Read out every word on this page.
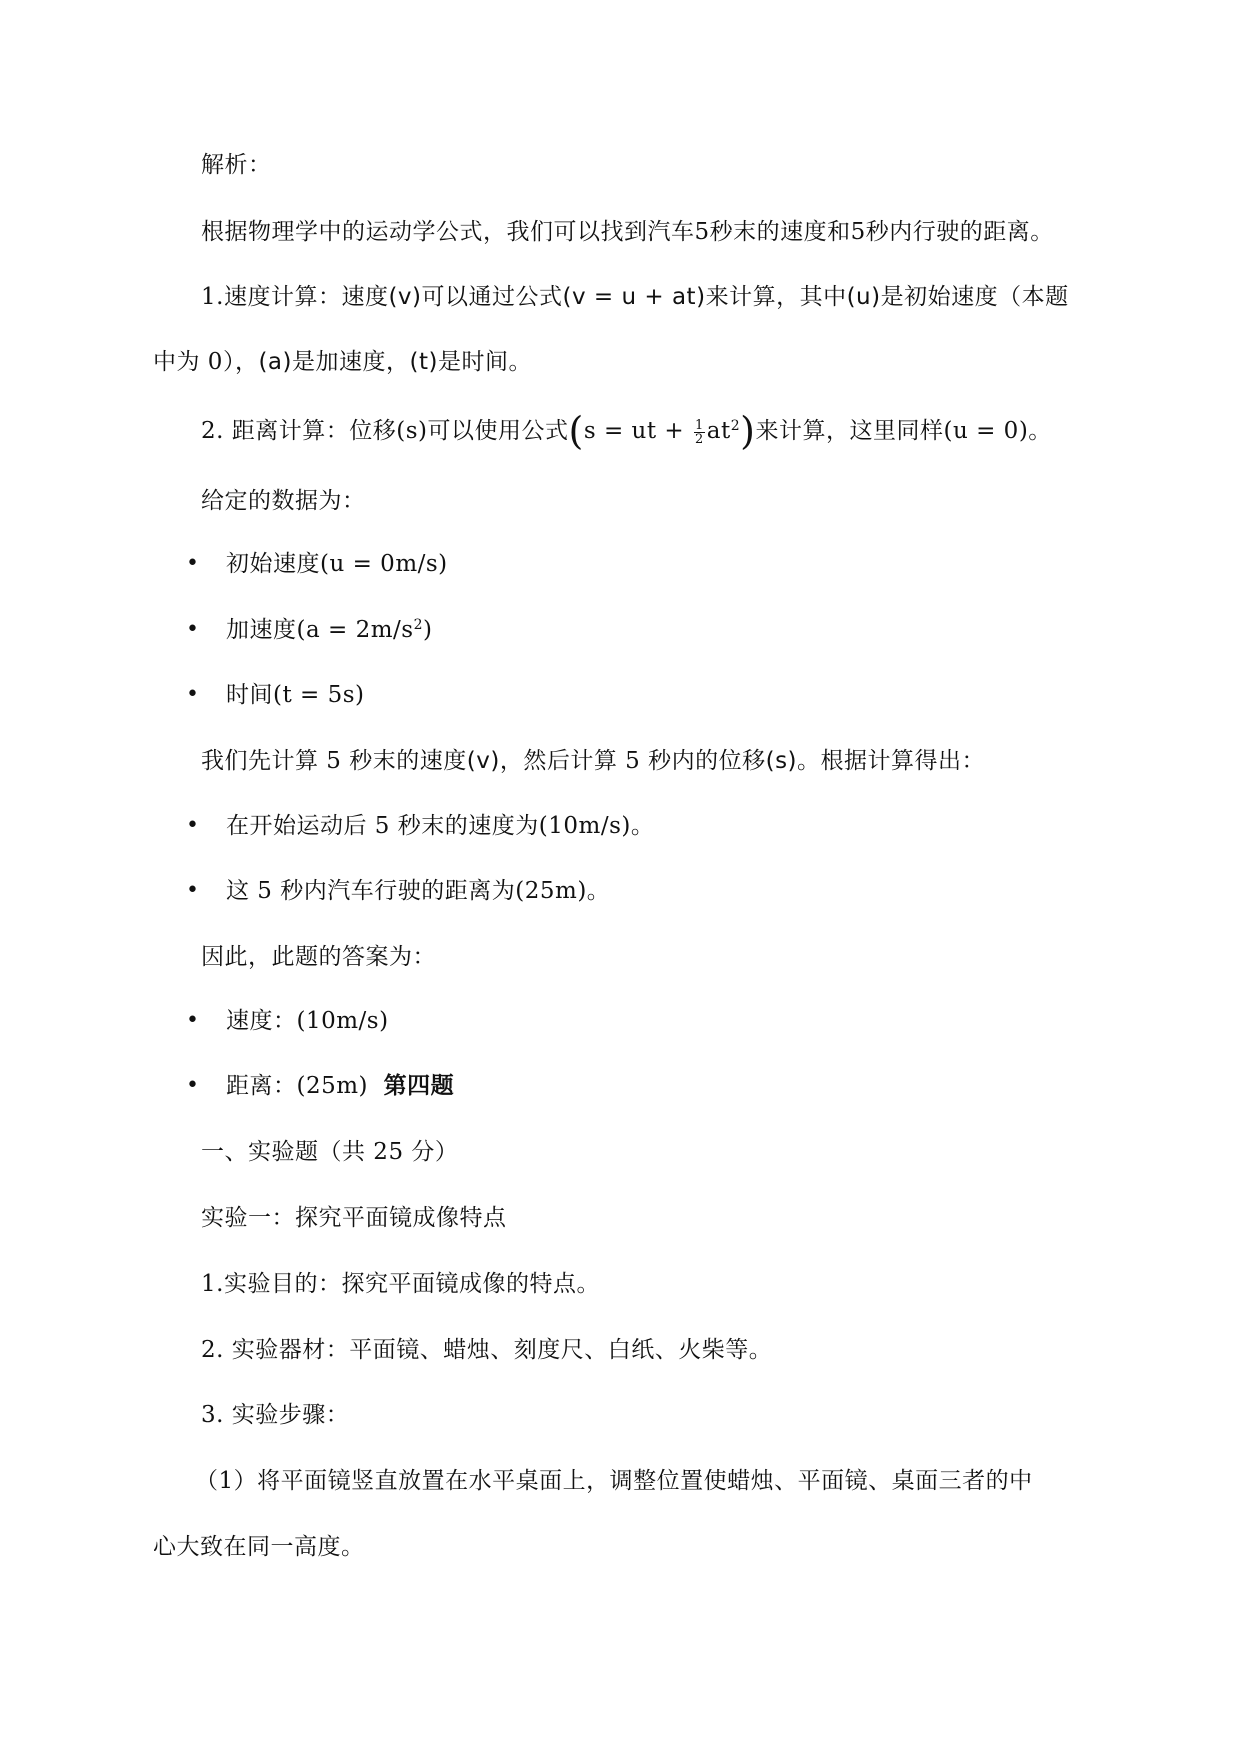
解析：
根据物理学中的运动学公式，我们可以找到汽车5秒末的速度和5秒内行驶的距离。
1.速度计算：速度(v)可以通过公式(v = u + at)来计算，其中(u)是初始速度（本题
中为 0），(a)是加速度，(t)是时间。
2. 距离计算：位移(s)可以使用公式(s = ut + $\frac{1}{2} at^2$)来计算，这里同样(u = 0)。
给定的数据为：
• 初始速度(u = 0m/s)
• 加速度$(a = 2m/s^2)$
• 时间(t = 5s)
我们先计算 5 秒末的速度(v)，然后计算 5 秒内的位移(s)。根据计算得出：
• 在开始运动后 5 秒末的速度为(10m/s)。
• 这 5 秒内汽车行驶的距离为(25m)。
因此，此题的答案为：
• 速度：(10m/s)
• 距离：(25m) 第四题
一、实验题（共 25 分）
实验一：探究平面镜成像特点
1.实验目的：探究平面镜成像的特点。
2. 实验器材：平面镜、蜡烛、刻度尺、白纸、火柴等。
3. 实验步骤：
（1）将平面镜竖直放置在水平桌面上，调整位置使蜡烛、平面镜、桌面三者的中
心大致在同一高度。
